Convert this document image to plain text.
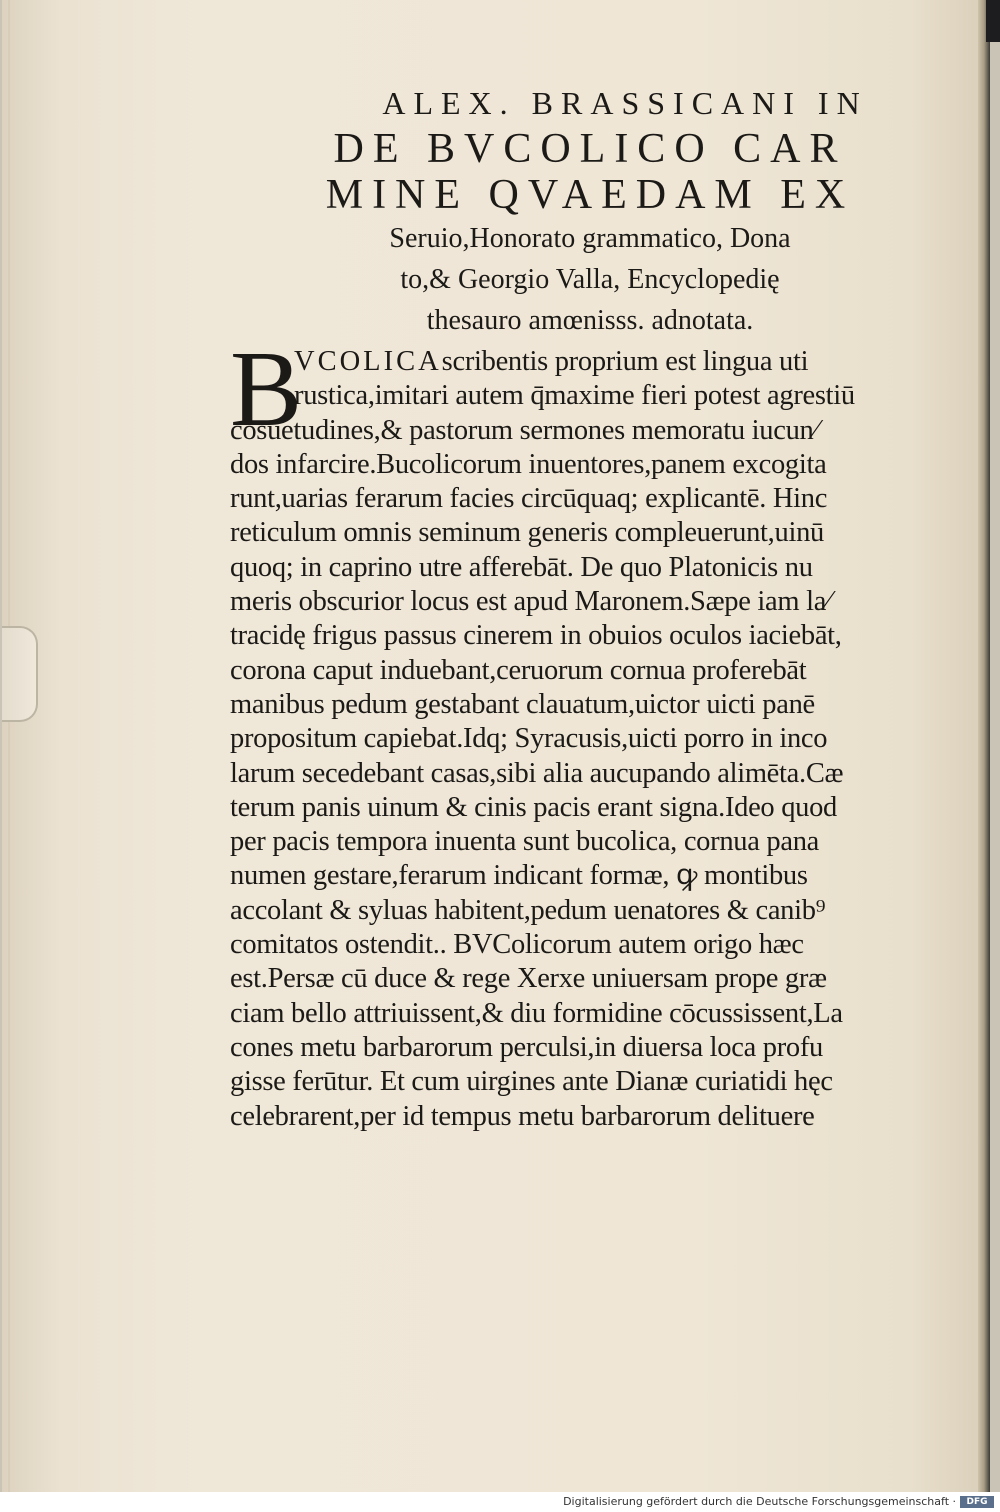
ALEX. BRASSICANI IN
DE BVCOLICO CAR
MINE QVAEDAM EX
Seruio,Honorato grammatico, Dona
to,& Georgio Valla, Encyclopedię
thesauro amœnisss. adnotata.
B
VCOLICAscribentis proprium est lingua uti
rustica,imitari autem q̄maxime fieri potest agrestiū
cōsuetudines,& pastorum sermones memoratu iucun⁄
dos infarcire.Bucolicorum inuentores,panem excogita
runt,uarias ferarum facies circūquaq; explicantē. Hinc
reticulum omnis seminum generis compleuerunt,uinū
quoq; in caprino utre afferebāt. De quo Platonicis nu
meris obscurior locus est apud Maronem.Sæpe iam la⁄
tracidę frigus passus cinerem in obuios oculos iaciebāt,
corona caput induebant,ceruorum cornua proferebāt
manibus pedum gestabant clauatum,uictor uicti panē
propositum capiebat.Idq; Syracusis,uicti porro in inco
larum secedebant casas,sibi alia aucupando alimēta.Cæ
terum panis uinum & cinis pacis erant signa.Ideo quod
per pacis tempora inuenta sunt bucolica, cornua pana
numen gestare,ferarum indicant formæ, ꝙ montibus
accolant & syluas habitent,pedum uenatores & canib⁹
comitatos ostendit.. BVColicorum autem origo hæc
est.Persæ cū duce & rege Xerxe uniuersam prope græ
ciam bello attriuissent,& diu formidine cōcussissent,La
cones metu barbarorum perculsi,in diuersa loca profu
gisse ferūtur. Et cum uirgines ante Dianæ curiatidi hęc
celebrarent,per id tempus metu barbarorum delituere
Digitalisierung gefördert durch die Deutsche Forschungsgemeinschaft ·	DFG
